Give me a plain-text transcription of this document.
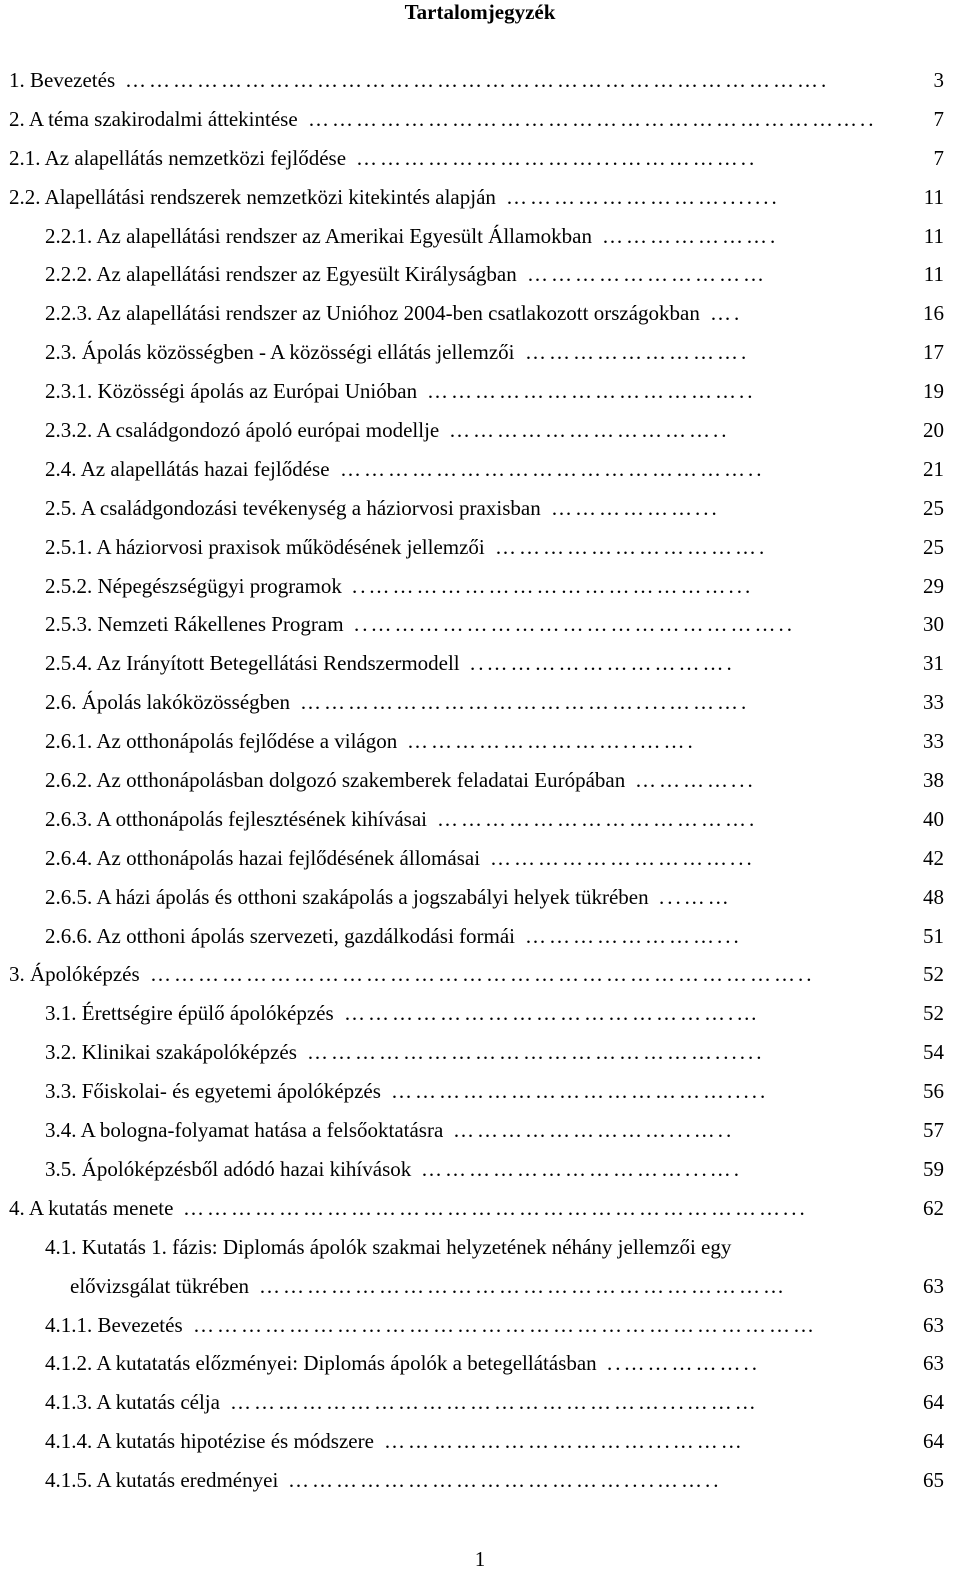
Tartalomjegyzék
1. Bevezetés	3
…………………………………………………………………………….
2. A téma szakirodalmi áttekintése	7
……………………………………………………………..
2.1. Az alapellátás nemzetközi fejlődése	7
…………………………...……………..
2.2. Alapellátási rendszerek nemzetközi kitekintés alapján	11
……………………….......
2.2.1. Az alapellátási rendszer az Amerikai Egyesült Államokban	11
………………….
2.2.2. Az alapellátási rendszer az Egyesült Királyságban	11
…………………………
2.2.3. Az alapellátási rendszer az Unióhoz 2004-ben csatlakozott országokban	16
….
2.3. Ápolás közösségben - A közösségi ellátás jellemzői	17
……………………….
2.3.1. Közösségi ápolás az Európai Unióban	19
…………………………………..
2.3.2. A családgondozó ápoló európai modellje	20
……………………………..
2.4. Az alapellátás hazai fejlődése	21
……………………………………………..
2.5. A családgondozási tevékenység a háziorvosi praxisban	25
………………...
2.5.1. A háziorvosi praxisok működésének jellemzői	25
…………………………….
2.5.2. Népegészségügyi programok	29
..………………………………………...
2.5.3. Nemzeti Rákellenes Program	30
..……………………………………………..
2.5.4. Az Irányított Betegellátási Rendszermodell	31
..………………………….
2.6. Ápolás lakóközösségben	33
……………………………………....……….
2.6.1. Az otthonápolás fejlődése a világon	33
………………………..…….
2.6.2. Az otthonápolásban dolgozó szakemberek feladatai Európában	38
…………...
2.6.3. A otthonápolás fejlesztésének kihívásai	40
………………………………….
2.6.4. Az otthonápolás hazai fejlődésének állomásai	42
…………………………...
2.6.5. A házi ápolás és otthoni szakápolás a jogszabályi helyek tükrében	48
...……
2.6.6. Az otthoni ápolás szervezeti, gazdálkodási formái	51
……………………...
3. Ápolóképzés	52
………………………………………………………………………..
3.1. Érettségire épülő ápolóképzés	52
………………………………………….…
3.2. Klinikai szakápolóképzés	54
……………………………………………......
3.3. Főiskolai- és egyetemi ápolóképzés	56
…………………………………….....
3.4. A bologna-folyamat hatása a felsőoktatásra	57
………………………...…..
3.5. Ápolóképzésből adódó hazai kihívások	59
……………………………...….
4. A kutatás menete	62
…………………………………………………………………...
4.1. Kutatás 1. fázis: Diplomás ápolók szakmai helyzetének néhány jellemzői egy
elővizsgálat tükrében	63
…………………………………………………………
4.1.1. Bevezetés	63
……………………………………………………………………
4.1.2. A kutatatás előzményei: Diplomás ápolók a betegellátásban	63
..……………..
4.1.3. A kutatás célja	64
………………………………………………...………
4.1.4. A kutatás hipotézise és módszere	64
……………………………...………
4.1.5. A kutatás eredményei	65
……………………………………....……..
1
